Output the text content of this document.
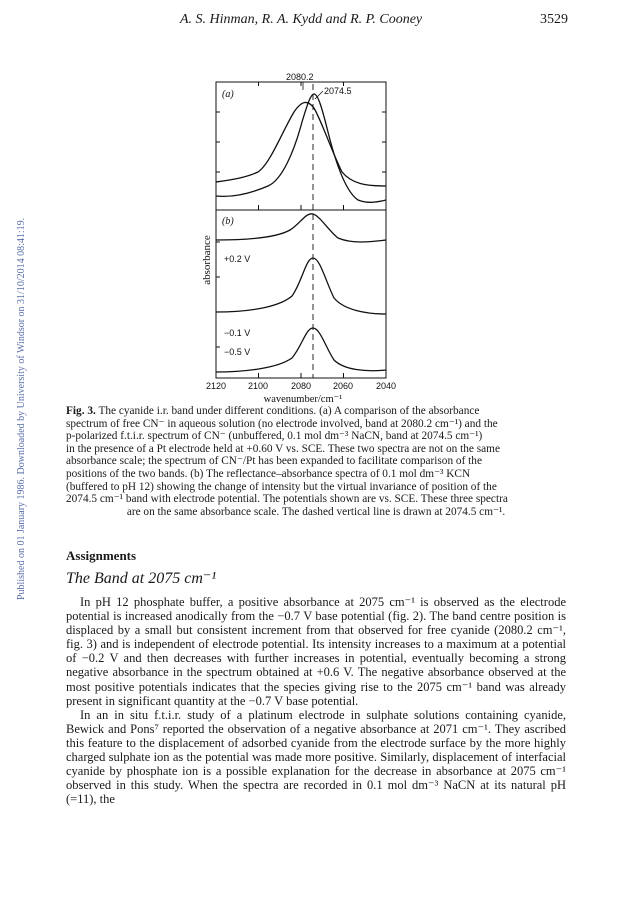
A. S. Hinman, R. A. Kydd and R. P. Cooney	3529
Published on 01 January 1986. Downloaded by University of Windsor on 31/10/2014 08:41:19.
(a)
(b)
2080.2
2074.5
+0.2 V
−0.1 V
−0.5 V
2120 2100	2080 2060	2040
absorbance
wavenumber/cm⁻¹
Fig. 3. The cyanide i.r. band under different conditions. (a) A comparison of the absorbance
spectrum of free CN⁻ in aqueous solution (no electrode involved, band at 2080.2 cm⁻¹) and the
p-polarized f.t.i.r. spectrum of CN⁻ (unbuffered, 0.1 mol dm⁻³ NaCN, band at 2074.5 cm⁻¹)
in the presence of a Pt electrode held at +0.60 V vs. SCE. These two spectra are not on the same
absorbance scale; the spectrum of CN⁻/Pt has been expanded to facilitate comparison of the
positions of the two bands. (b) The reflectance–absorbance spectra of 0.1 mol dm⁻³ KCN
(buffered to pH 12) showing the change of intensity but the virtual invariance of position of the
2074.5 cm⁻¹ band with electrode potential. The potentials shown are vs. SCE. These three spectra
are on the same absorbance scale. The dashed vertical line is drawn at 2074.5 cm⁻¹.
Assignments
The Band at 2075 cm⁻¹

In pH 12 phosphate buffer, a positive absorbance at 2075 cm⁻¹ is observed as the electrode potential is increased anodically from the −0.7 V base potential (fig. 2). The band centre position is displaced by a small but consistent increment from that observed for free cyanide (2080.2 cm⁻¹, fig. 3) and is independent of electrode potential. Its intensity increases to a maximum at a potential of −0.2 V and then decreases with further increases in potential, eventually becoming a strong negative absorbance in the spectrum obtained at +0.6 V. The negative absorbance observed at the most positive potentials indicates that the species giving rise to the 2075 cm⁻¹ band was already present in significant quantity at the −0.7 V base potential.

In an in situ f.t.i.r. study of a platinum electrode in sulphate solutions containing cyanide, Bewick and Pons⁷ reported the observation of a negative absorbance at 2071 cm⁻¹. They ascribed this feature to the displacement of adsorbed cyanide from the electrode surface by the more highly charged sulphate ion as the potential was made more positive. Similarly, displacement of interfacial cyanide by phosphate ion is a possible explanation for the decrease in absorbance at 2075 cm⁻¹ observed in this study. When the spectra are recorded in 0.1 mol dm⁻³ NaCN at its natural pH (=11), the
